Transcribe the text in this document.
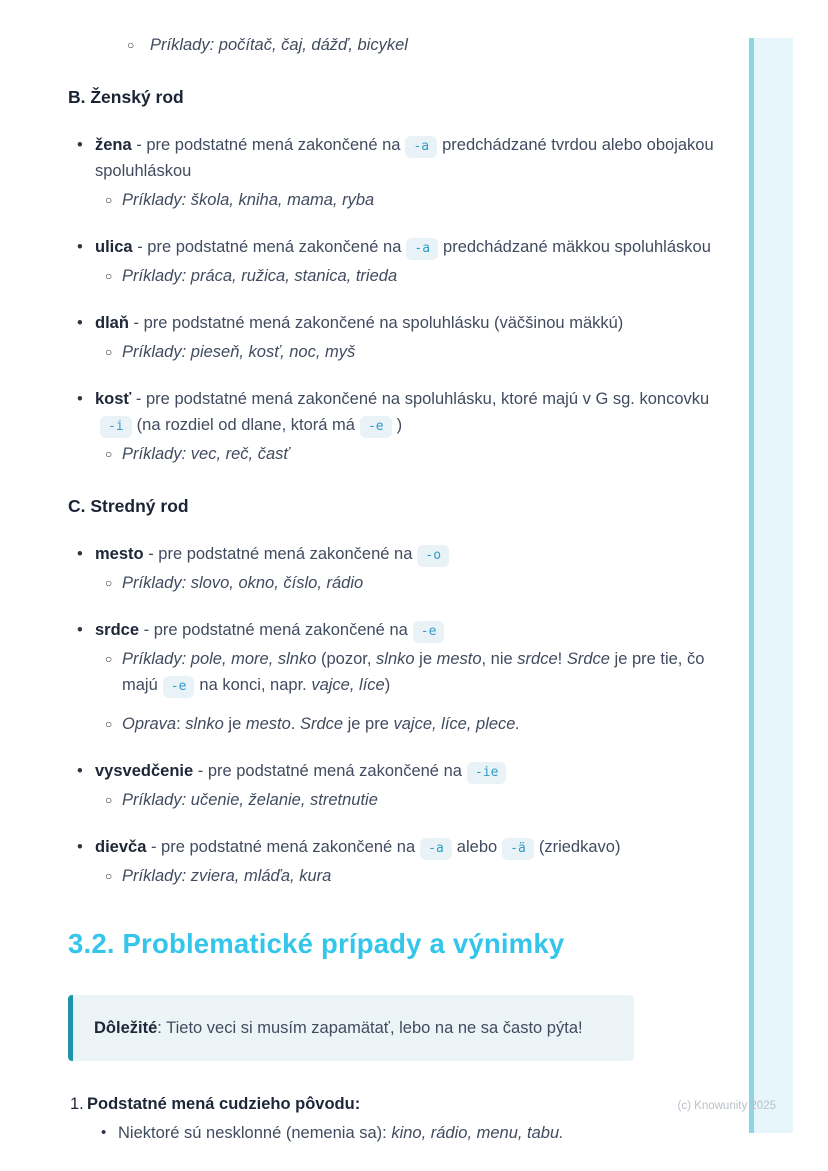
○ Príklady: počítač, čaj, dážď, bicykel
B. Ženský rod
• žena - pre podstatné mená zakončené na -a predchádzané tvrdou alebo obojakou spoluhláskou
○ Príklady: škola, kniha, mama, ryba
• ulica - pre podstatné mená zakončené na -a predchádzané mäkkou spoluhláskou
○ Príklady: práca, ružica, stanica, trieda
• dlaň - pre podstatné mená zakončené na spoluhlásku (väčšinou mäkkú)
○ Príklady: pieseň, kosť, noc, myš
• kosť - pre podstatné mená zakončené na spoluhlásku, ktoré majú v G sg. koncovku-i (na rozdiel od dlane, ktorá má -e )
○ Príklady: vec, reč, časť
C. Stredný rod
• mesto - pre podstatné mená zakončené na -o
○ Príklady: slovo, okno, číslo, rádio
• srdce - pre podstatné mená zakončené na -e
○ Príklady: pole, more, slnko (pozor, slnko je mesto, nie srdce! Srdce je pre tie, čo majú -e na konci, napr. vajce, líce)
○ Oprava: slnko je mesto. Srdce je pre vajce, líce, plece.
• vysvedčenie - pre podstatné mená zakončené na -ie
○ Príklady: učenie, želanie, stretnutie
• dievča - pre podstatné mená zakončené na -a alebo -ä (zriedkavo)
○ Príklady: zviera, mláďa, kura
3.2. Problematické prípady a výnimky
Dôležité: Tieto veci si musím zapamätať, lebo na ne sa často pýta!
1. Podstatné mená cudzieho pôvodu:
• Niektoré sú nesklonné (nemenia sa): kino, rádio, menu, tabu.
(c) Knowunity 2025
